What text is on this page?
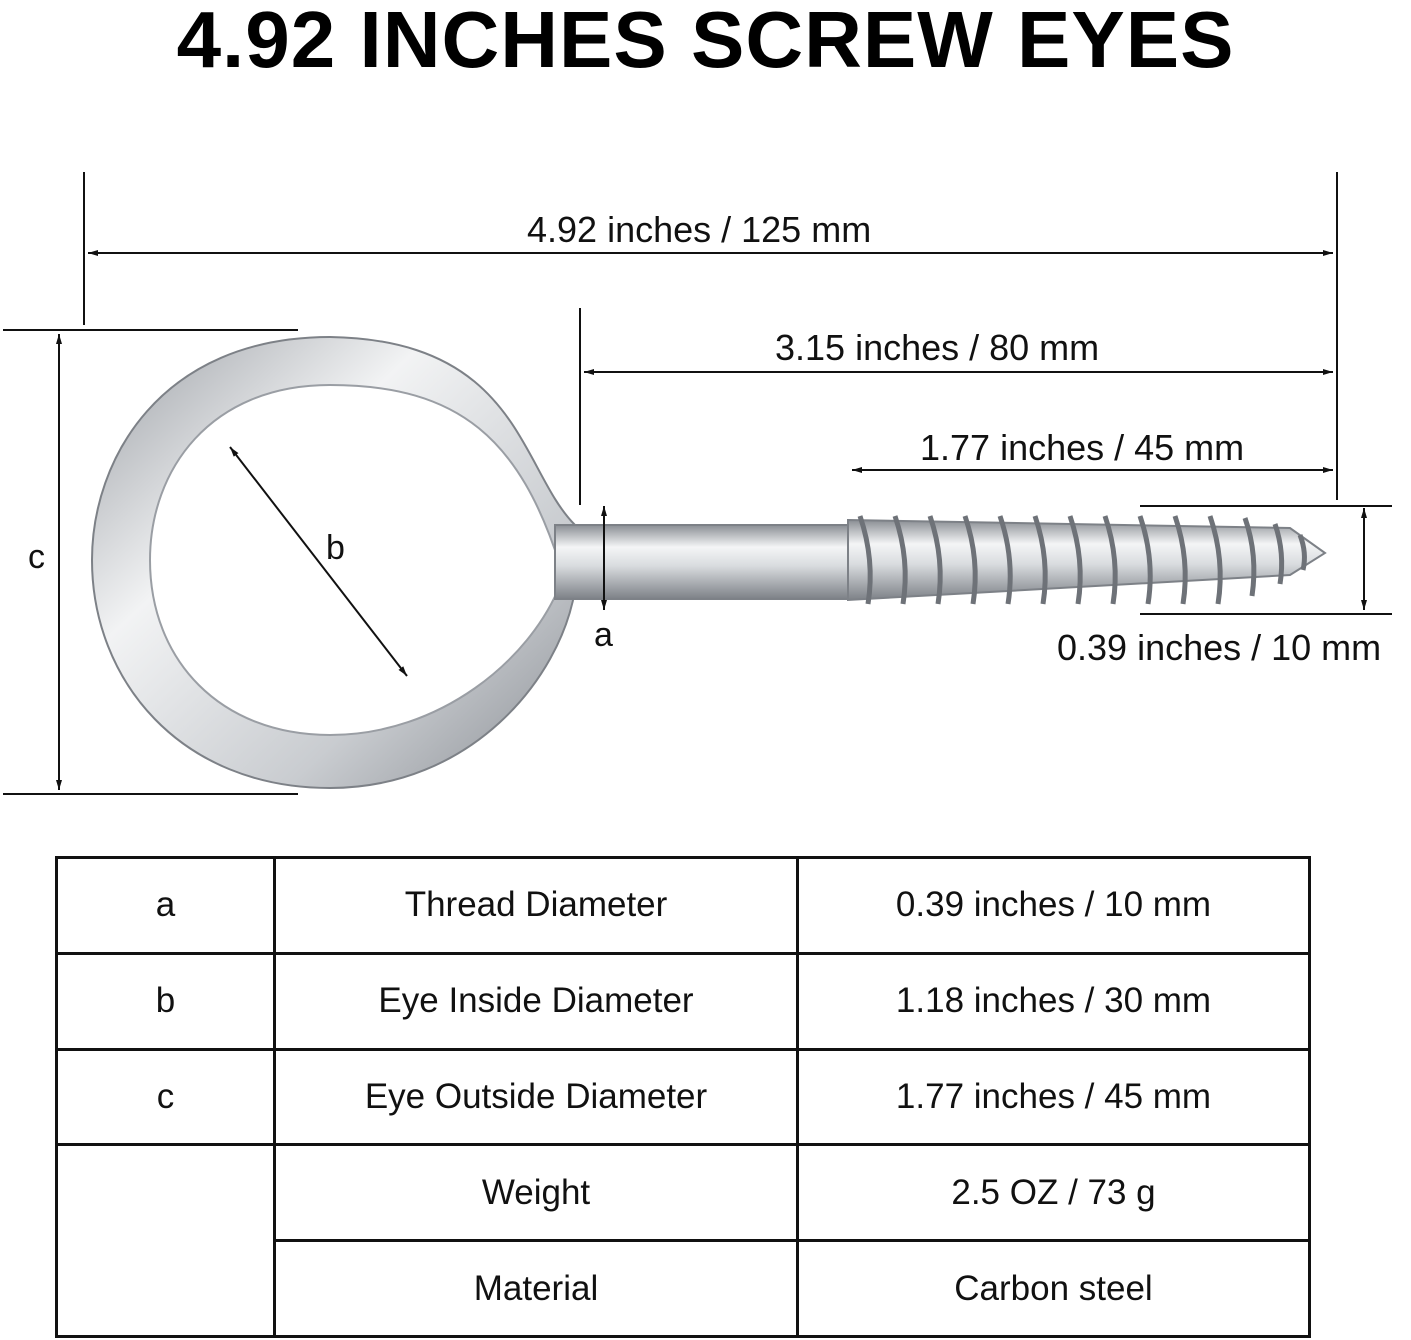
4.92 INCHES SCREW EYES
4.92 inches / 125 mm
3.15 inches / 80 mm
1.77 inches / 45 mm
0.39 inches / 10 mm
c	b
a
a	Thread Diameter	0.39 inches / 10 mm
b	Eye Inside Diameter	1.18 inches / 30 mm
c	Eye Outside Diameter	1.77 inches / 45 mm
	Weight	2.5 OZ / 73 g
	Material	Carbon steel
